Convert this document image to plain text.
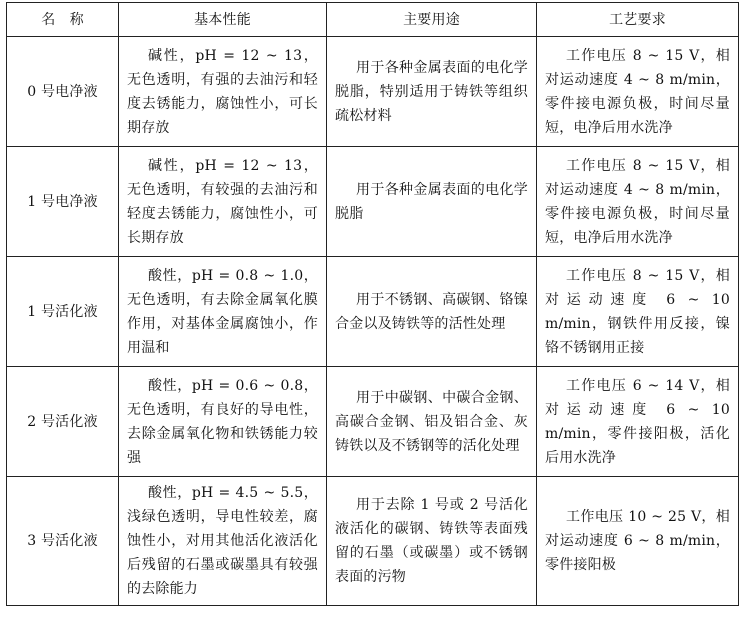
名　称	基本性能	主要用途	工艺要求
0 号电净液	碱性，pH = 12 ~ 13，无色透明，有强的去油污和轻度去锈能力，腐蚀性小，可长期存放	用于各种金属表面的电化学脱脂，特别适用于铸铁等组织疏松材料	工作电压 8 ~ 15 V，相对运动速度 4 ~ 8 m/min，零件接电源负极，时间尽量短，电净后用水洗净

1 号电净液	碱性，pH = 12 ~ 13，无色透明，有较强的去油污和轻度去锈能力，腐蚀性小，可长期存放	用于各种金属表面的电化学脱脂	工作电压 8 ~ 15 V，相对运动速度 4 ~ 8 m/min，零件接电源负极，时间尽量短，电净后用水洗净

1 号活化液	酸性，pH = 0.8 ~ 1.0，无色透明，有去除金属氧化膜作用，对基体金属腐蚀小，作用温和	用于不锈钢、高碳钢、铬镍合金以及铸铁等的活性处理	工作电压 8 ~ 15 V，相对运动速度 6 ~ 10 m/min，钢铁件用反接，镍铬不锈钢用正接

2 号活化液	酸性，pH = 0.6 ~ 0.8，无色透明，有良好的导电性，去除金属氧化物和铁锈能力较强	用于中碳钢、中碳合金钢、高碳合金钢、铝及铝合金、灰铸铁以及不锈钢等的活化处理	工作电压 6 ~ 14 V，相对运动速度 6 ~ 10 m/min，零件接阳极，活化后用水洗净

3 号活化液	酸性，pH = 4.5 ~ 5.5，浅绿色透明，导电性较差，腐蚀性小，对用其他活化液活化后残留的石墨或碳墨具有较强的去除能力	用于去除 1 号或 2 号活化液活化的碳钢、铸铁等表面残留的石墨（或碳墨）或不锈钢表面的污物	工作电压 10 ~ 25 V，相对运动速度 6 ~ 8 m/min，零件接阳极
